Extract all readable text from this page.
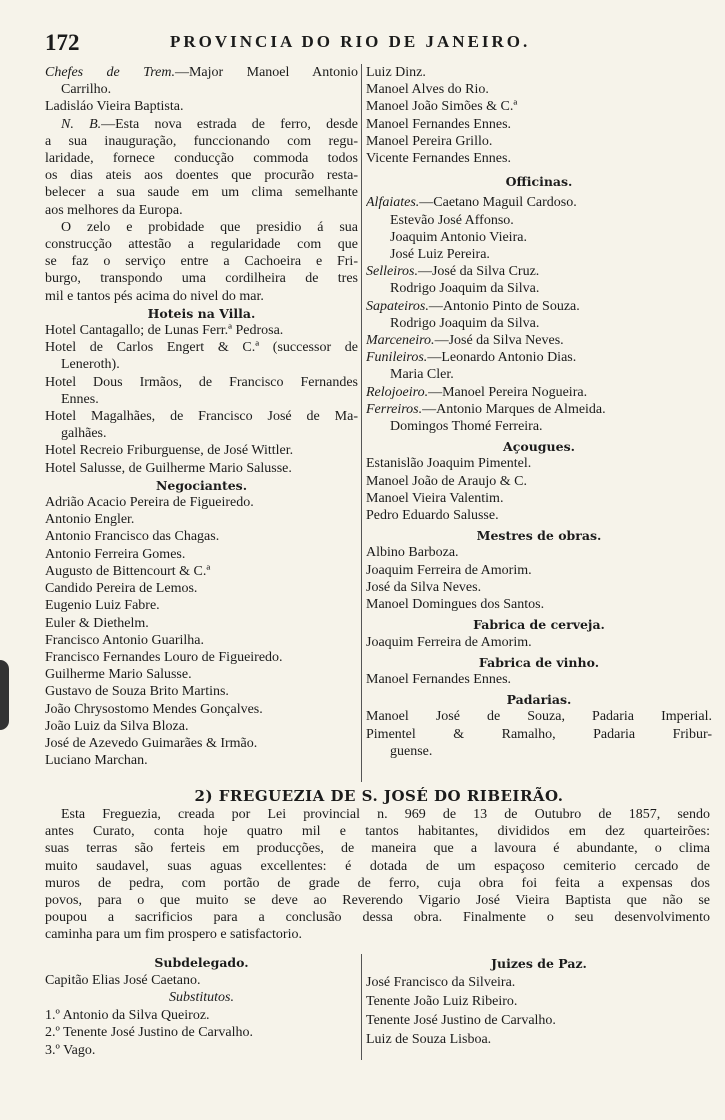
172	PROVINCIA DO RIO DE JANEIRO.
Chefes de Trem.—Major Manoel Antonio
Carrilho.
Ladisláo Vieira Baptista.
N. B.—Esta nova estrada de ferro, desde
a sua inauguração, funccionando com regu-
laridade, fornece conducção commoda todos
os dias ateis aos doentes que procurão resta-
belecer a sua saude em um clima semelhante
aos melhores da Europa.
O zelo e probidade que presidio á sua
construcção attestão a regularidade com que
se faz o serviço entre a Cachoeira e Fri-
burgo, transpondo uma cordilheira de tres
mil e tantos pés acima do nivel do mar.
Hoteis na Villa.
Hotel Cantagallo; de Lunas Ferr.ª Pedrosa.
Hotel de Carlos Engert & C.ª (successor de
Leneroth).
Hotel Dous Irmãos, de Francisco Fernandes
Ennes.
Hotel Magalhães, de Francisco José de Ma-
galhães.
Hotel Recreio Friburguense, de José Wittler.
Hotel Salusse, de Guilherme Mario Salusse.
Negociantes.
Adrião Acacio Pereira de Figueiredo.
Antonio Engler.
Antonio Francisco das Chagas.
Antonio Ferreira Gomes.
Augusto de Bittencourt & C.ª
Candido Pereira de Lemos.
Eugenio Luiz Fabre.
Euler & Diethelm.
Francisco Antonio Guarilha.
Francisco Fernandes Louro de Figueiredo.
Guilherme Mario Salusse.
Gustavo de Souza Brito Martins.
João Chrysostomo Mendes Gonçalves.
João Luiz da Silva Bloza.
José de Azevedo Guimarães & Irmão.
Luciano Marchan.
Luiz Dinz.
Manoel Alves do Rio.
Manoel João Simões & C.ª
Manoel Fernandes Ennes.
Manoel Pereira Grillo.
Vicente Fernandes Ennes.
Officinas.
Alfaiates.—Caetano Maguil Cardoso.
Estevão José Affonso.
Joaquim Antonio Vieira.
José Luiz Pereira.
Selleiros.—José da Silva Cruz.
Rodrigo Joaquim da Silva.
Sapateiros.—Antonio Pinto de Souza.
Rodrigo Joaquim da Silva.
Marceneiro.—José da Silva Neves.
Funileiros.—Leonardo Antonio Dias.
Maria Cler.
Relojoeiro.—Manoel Pereira Nogueira.
Ferreiros.—Antonio Marques de Almeida.
Domingos Thomé Ferreira.
Açougues.
Estanislão Joaquim Pimentel.
Manoel João de Araujo & C.
Manoel Vieira Valentim.
Pedro Eduardo Salusse.
Mestres de obras.
Albino Barboza.
Joaquim Ferreira de Amorim.
José da Silva Neves.
Manoel Domingues dos Santos.
Fabrica de cerveja.
Joaquim Ferreira de Amorim.
Fabrica de vinho.
Manoel Fernandes Ennes.
Padarias.
Manoel José de Souza, Padaria Imperial.
Pimentel & Ramalho, Padaria Fribur-
guense.
2) FREGUEZIA DE S. JOSÉ DO RIBEIRÃO.
Esta Freguezia, creada por Lei provincial n. 969 de 13 de Outubro de 1857, sendo
antes Curato, conta hoje quatro mil e tantos habitantes, divididos em dez quarteirões:
suas terras são ferteis em producções, de maneira que a lavoura é abundante, o clima
muito saudavel, suas aguas excellentes: é dotada de um espaçoso cemiterio cercado de
muros de pedra, com portão de grade de ferro, cuja obra foi feita a expensas dos
povos, para o que muito se deve ao Reverendo Vigario José Vieira Baptista que não se
poupou a sacrificios para a conclusão dessa obra. Finalmente o seu desenvolvimento
caminha para um fim prospero e satisfactorio.
Subdelegado.
Capitão Elias José Caetano.
Substitutos.
1.º Antonio da Silva Queiroz.
2.º Tenente José Justino de Carvalho.
3.º Vago.
Juizes de Paz.
José Francisco da Silveira.
Tenente João Luiz Ribeiro.
Tenente José Justino de Carvalho.
Luiz de Souza Lisboa.
